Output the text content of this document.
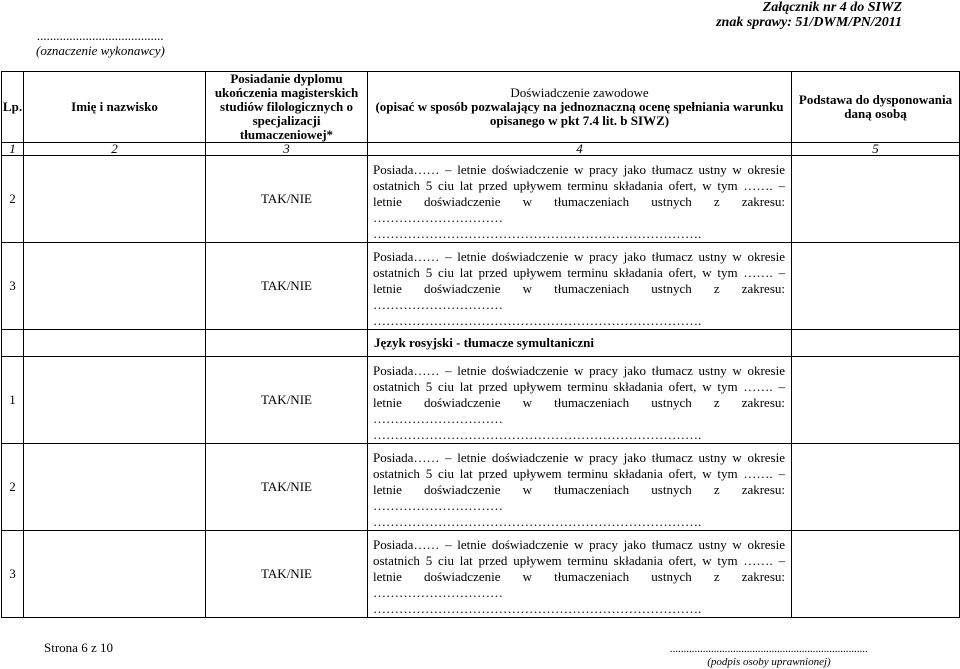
Załącznik nr 4 do SIWZ
znak sprawy: 51/DWM/PN/2011
.......................................
(oznaczenie wykonawcy)
Lp.	Imię i nazwisko	Posiadanie dyplomu ukończenia magisterskich studiów filologicznych o specjalizacji tłumaczeniowej*	Doświadczenie zawodowe
(opisać w sposób pozwalający na jednoznaczną ocenę spełniania warunku opisanego w pkt 7.4 lit. b SIWZ)	Podstawa do dysponowania daną osobą
1	2	3	4	5
2		TAK/NIE	Posiada…… – letnie doświadczenie w pracy jako tłumacz ustny w okresie ostatnich 5 ciu lat przed upływem terminu składania ofert, w tym ……. – letnie doświadczenie w tłumaczeniach ustnych z zakresu: …………………………

………………………………………………………………….	

3		TAK/NIE	Posiada…… – letnie doświadczenie w pracy jako tłumacz ustny w okresie ostatnich 5 ciu lat przed upływem terminu składania ofert, w tym ……. – letnie doświadczenie w tłumaczeniach ustnych z zakresu: …………………………

………………………………………………………………….	

			Język rosyjski - tłumacze symultaniczni	
1		TAK/NIE	Posiada…… – letnie doświadczenie w pracy jako tłumacz ustny w okresie ostatnich 5 ciu lat przed upływem terminu składania ofert, w tym ……. – letnie doświadczenie w tłumaczeniach ustnych z zakresu: …………………………

………………………………………………………………….	

2		TAK/NIE	Posiada…… – letnie doświadczenie w pracy jako tłumacz ustny w okresie ostatnich 5 ciu lat przed upływem terminu składania ofert, w tym ……. – letnie doświadczenie w tłumaczeniach ustnych z zakresu: …………………………

………………………………………………………………….	

3		TAK/NIE	Posiada…… – letnie doświadczenie w pracy jako tłumacz ustny w okresie ostatnich 5 ciu lat przed upływem terminu składania ofert, w tym ……. – letnie doświadczenie w tłumaczeniach ustnych z zakresu: …………………………

………………………………………………………………….	

Strona 6 z 10	........................................................................
(podpis osoby uprawnionej)
